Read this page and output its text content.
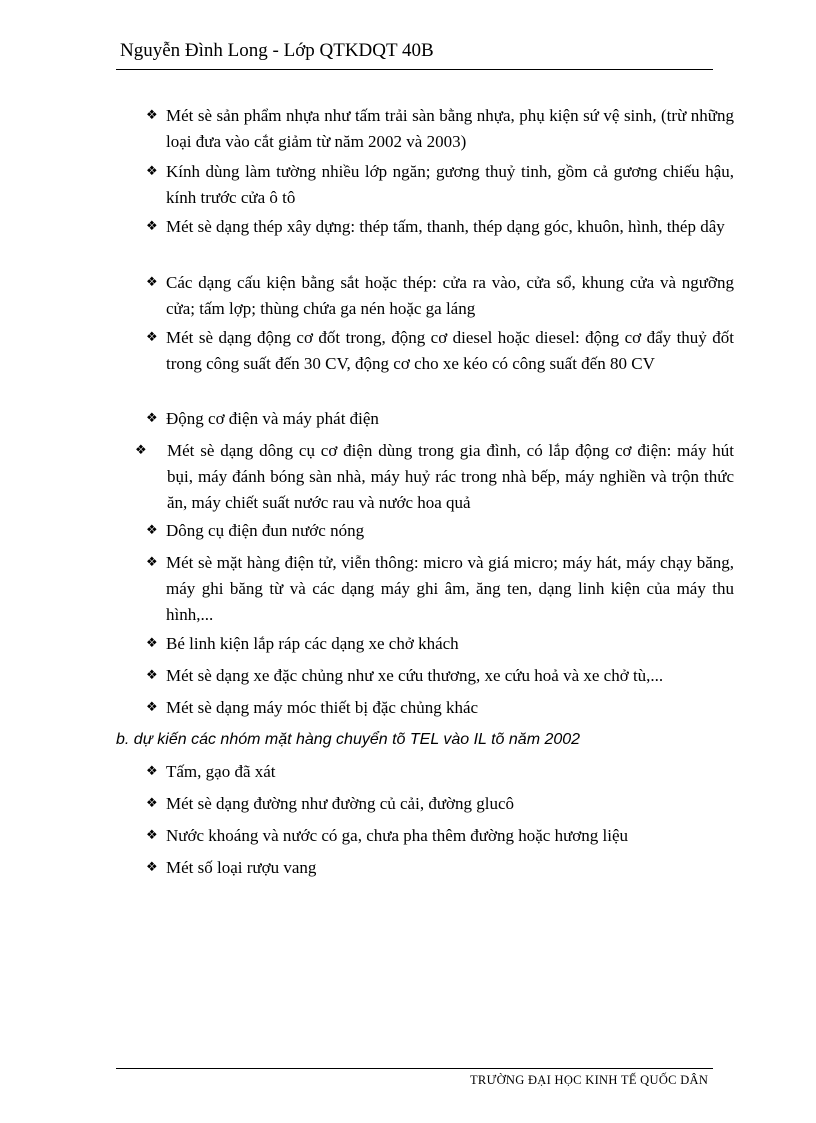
Nguyễn Đình Long - Lớp QTKDQT 40B
❖ Mét sè sản phẩm nhựa như tấm trải sàn bằng nhựa, phụ kiện sứ vệ sinh, (trừ những loại đưa vào cắt giảm từ năm 2002 và 2003)
❖ Kính dùng làm tường nhiều lớp ngăn; gương thuỷ tinh, gồm cả gương chiếu hậu, kính trước cửa ô tô
❖ Mét sè dạng thép xây dựng: thép tấm, thanh, thép dạng góc, khuôn, hình, thép dây
❖ Các dạng cấu kiện bằng sắt hoặc thép: cửa ra vào, cửa sổ, khung cửa và ngưỡng cửa; tấm lợp; thùng chứa ga nén hoặc ga láng
❖ Mét sè dạng động cơ đốt trong, động cơ diesel hoặc diesel: động cơ đẩy thuỷ đốt trong công suất đến 30 CV, động cơ cho xe kéo có công suất đến 80 CV
❖ Động cơ điện và máy phát điện
❖	Mét sè dạng dông cụ cơ điện dùng trong gia đình, có lắp động cơ điện: máy hút bụi, máy đánh bóng sàn nhà, máy huỷ rác trong nhà bếp, máy nghiền và trộn thức ăn, máy chiết suất nước rau và nước hoa quả
❖ Dông cụ điện đun nước nóng
❖ Mét sè mặt hàng điện tử, viễn thông: micro và giá micro; máy hát, máy chạy băng, máy ghi băng từ và các dạng máy ghi âm, ăng ten, dạng linh kiện của máy thu hình,...
❖ Bé linh kiện lắp ráp các dạng xe chở khách
❖ Mét sè dạng xe đặc chủng như xe cứu thương, xe cứu hoả và xe chở tù,...
❖ Mét sè dạng máy móc thiết bị đặc chủng khác
b. dự kiến các nhóm mặt hàng chuyển tõ TEL vào IL tõ năm 2002
❖ Tấm, gạo đã xát
❖ Mét sè dạng đường như đường củ cải, đường glucô
❖ Nước khoáng và nước có ga, chưa pha thêm đường hoặc hương liệu
❖ Mét số loại rượu vang
TRƯỜNG ĐẠI HỌC KINH TẾ QUỐC DÂN
